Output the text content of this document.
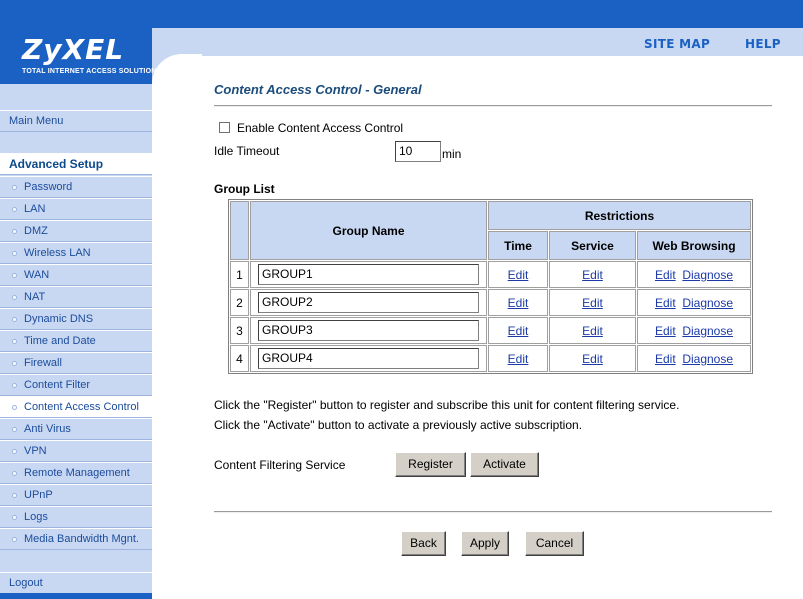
SITE MAP	HELP
ZyXEL
TOTAL INTERNET ACCESS SOLUTION
Main Menu
Advanced Setup
Password
LAN
DMZ
Wireless LAN
WAN
NAT
Dynamic DNS
Time and Date
Firewall
Content Filter
Content Access Control
Anti Virus
VPN
Remote Management
UPnP
Logs
Media Bandwidth Mgnt.
Logout
Content Access Control - General
Enable Content Access Control
Idle Timeout	10	min
Group List
	Group Name	Restrictions		
		Time	Service	Web Browsing
1	GROUP1	Edit	Edit	Edit Diagnose
2	GROUP2	Edit	Edit	Edit Diagnose
3	GROUP3	Edit	Edit	Edit Diagnose
4	GROUP4	Edit	Edit	Edit Diagnose
Click the "Register" button to register and subscribe this unit for content filtering service.
Click the "Activate" button to activate a previously active subscription.
Content Filtering Service	Register	Activate
Back	Apply	Cancel
